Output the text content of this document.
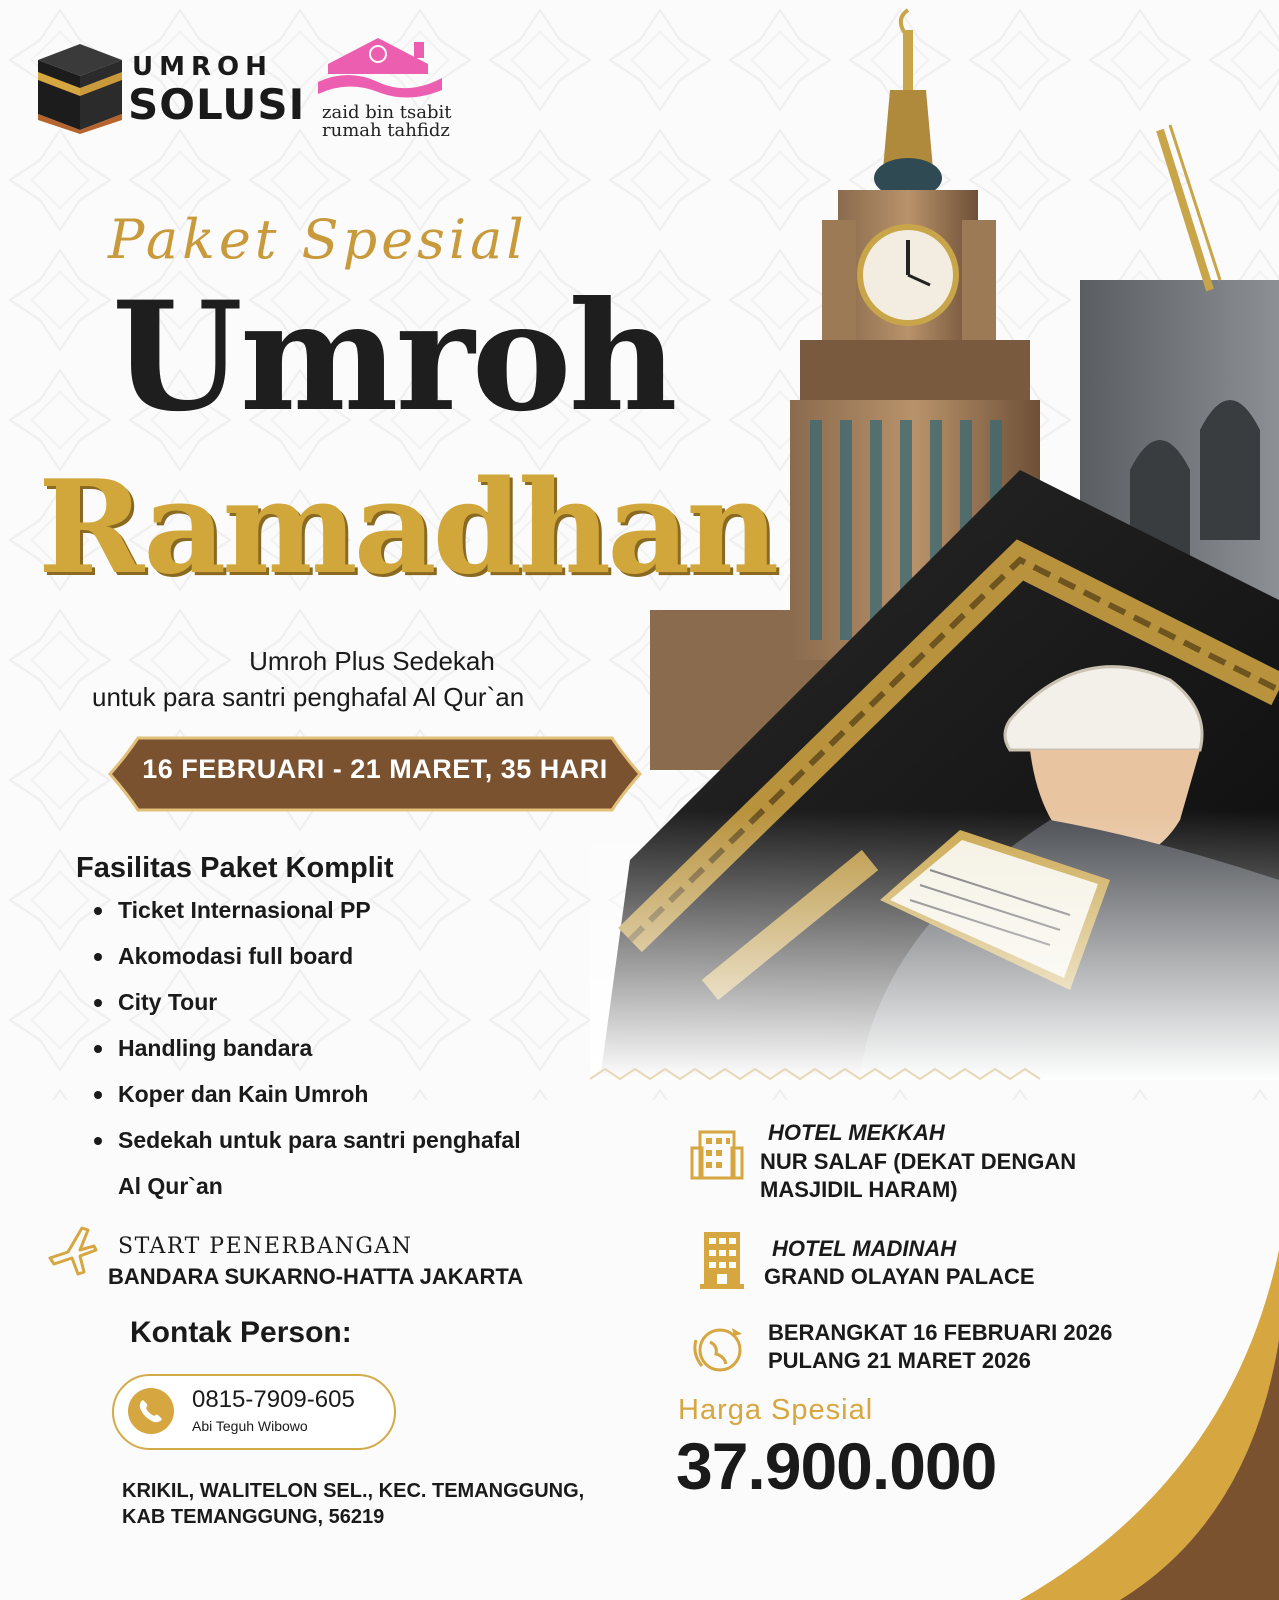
UMROH
SOLUSI zaid bin tsabit
rumah tahfidz
Paket Spesial
Umroh
Ramadhan
Umroh Plus Sedekah
untuk para santri penghafal Al Qur`an
16 FEBRUARI - 21 MARET, 35 HARI
Fasilitas Paket Komplit
Ticket Internasional PP
Akomodasi full board
City Tour
Handling bandara
Koper dan Kain Umroh
Sedekah untuk para santri penghafal
Al Qur`an
START PENERBANGAN
BANDARA SUKARNO-HATTA JAKARTA
Kontak Person:
0815-7909-605
Abi Teguh Wibowo
KRIKIL, WALITELON SEL., KEC. TEMANGGUNG,
KAB TEMANGGUNG, 56219
HOTEL MEKKAH
NUR SALAF (DEKAT DENGAN
MASJIDIL HARAM)
HOTEL MADINAH
GRAND OLAYAN PALACE
BERANGKAT 16 FEBRUARI 2026
PULANG 21 MARET 2026
Harga Spesial
37.900.000
